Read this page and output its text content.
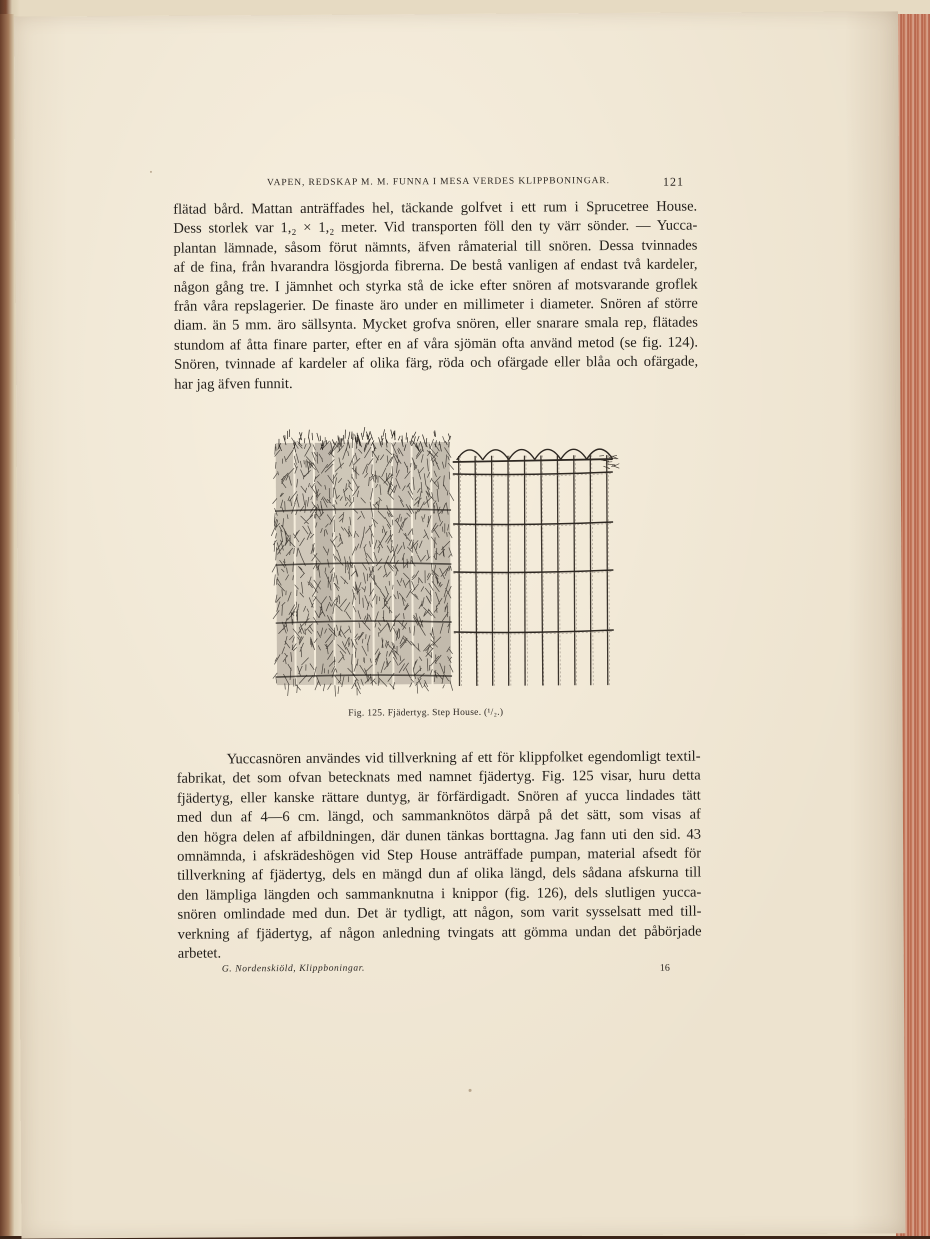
VAPEN, REDSKAP M. M. FUNNA I MESA VERDES KLIPPBONINGAR.	121
flätad bård. Mattan anträffades hel, täckande golfvet i ett rum i Sprucetree House.
Dess storlek var 1,₂ × 1,₂ meter. Vid transporten föll den ty värr sönder. — Yucca-
plantan lämnade, såsom förut nämnts, äfven råmaterial till snören. Dessa tvinnades
af de fina, från hvarandra lösgjorda fibrerna. De bestå vanligen af endast två kardeler,
någon gång tre. I jämnhet och styrka stå de icke efter snören af motsvarande groflek
från våra repslagerier. De finaste äro under en millimeter i diameter. Snören af större
diam. än 5 mm. äro sällsynta. Mycket grofva snören, eller snarare smala rep, flätades
stundom af åtta finare parter, efter en af våra sjömän ofta använd metod (se fig. 124).
Snören, tvinnade af kardeler af olika färg, röda och ofärgade eller blåa och ofärgade,
har jag äfven funnit.
Fig. 125. Fjädertyg. Step House. (¹/₂.)
Yuccasnören användes vid tillverkning af ett för klippfolket egendomligt textil-
fabrikat, det som ofvan betecknats med namnet fjädertyg. Fig. 125 visar, huru detta
fjädertyg, eller kanske rättare duntyg, är förfärdigadt. Snören af yucca lindades tätt
med dun af 4—6 cm. längd, och sammanknötos därpå på det sätt, som visas af
den högra delen af afbildningen, där dunen tänkas borttagna. Jag fann uti den sid. 43
omnämnda, i afskrädeshögen vid Step House anträffade pumpan, material afsedt för
tillverkning af fjädertyg, dels en mängd dun af olika längd, dels sådana afskurna till
den lämpliga längden och sammanknutna i knippor (fig. 126), dels slutligen yucca-
snören omlindade med dun. Det är tydligt, att någon, som varit sysselsatt med till-
verkning af fjädertyg, af någon anledning tvingats att gömma undan det påbörjade
arbetet.
G. Nordenskiöld, Klippboningar.	16
